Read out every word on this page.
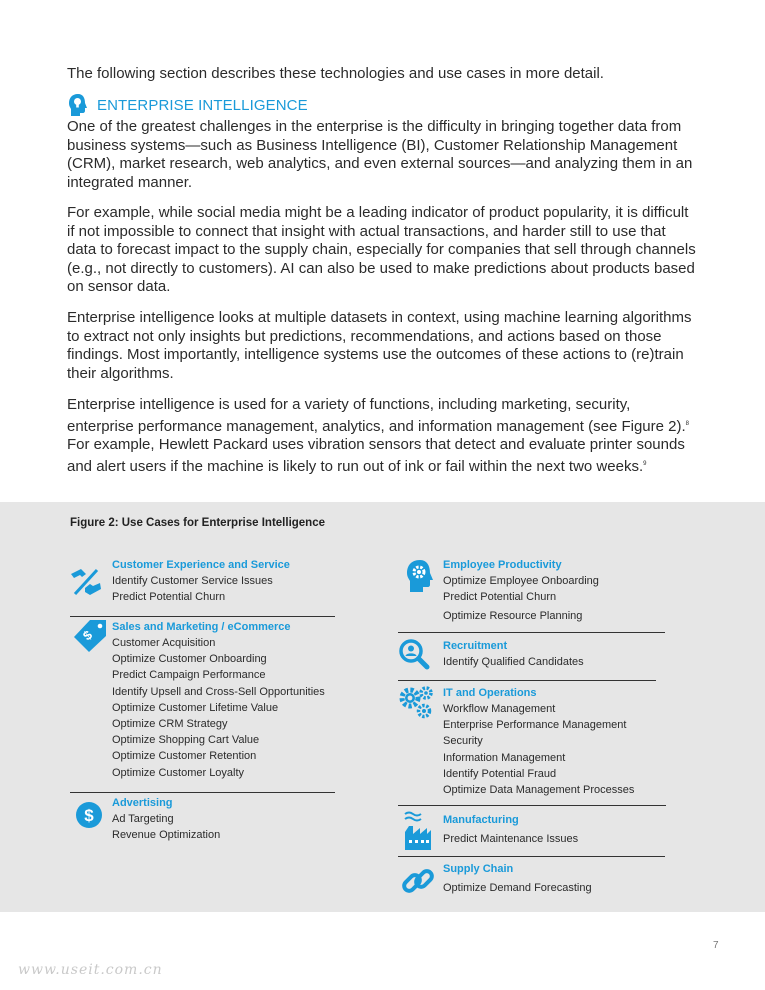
The following section describes these technologies and use cases in more detail.
ENTERPRISE INTELLIGENCE

One of the greatest challenges in the enterprise is the difficulty in bringing together data from business systems—such as Business Intelligence (BI), Customer Relationship Management (CRM), market research, web analytics, and even external sources—and analyzing them in an integrated manner.

For example, while social media might be a leading indicator of product popularity, it is difficult if not impossible to connect that insight with actual transactions, and harder still to use that data to forecast impact to the supply chain, especially for companies that sell through channels (e.g., not directly to customers). AI can also be used to make predictions about products based on sensor data.

Enterprise intelligence looks at multiple datasets in context, using machine learning algorithms to extract not only insights but predictions, recommendations, and actions based on those findings. Most importantly, intelligence systems use the outcomes of these actions to (re)train their algorithms.

Enterprise intelligence is used for a variety of functions, including marketing, security, enterprise performance management, analytics, and information management (see Figure 2).$^8$ For example, Hewlett Packard uses vibration sensors that detect and evaluate printer sounds and alert users if the machine is likely to run out of ink or fail within the next two weeks.$^9$

Figure 2: Use Cases for Enterprise Intelligence
Customer Experience and Service
Identify Customer Service Issues
Predict Potential Churn
$
Sales and Marketing / eCommerce
Customer Acquisition
Optimize Customer Onboarding
Predict Campaign Performance
Identify Upsell and Cross-Sell Opportunities
Optimize Customer Lifetime Value
Optimize CRM Strategy
Optimize Shopping Cart Value
Optimize Customer Retention
Optimize Customer Loyalty
$
Advertising
Ad Targeting
Revenue Optimization
Employee Productivity
Optimize Employee Onboarding
Predict Potential Churn
Optimize Resource Planning
Recruitment
Identify Qualified Candidates
IT and Operations
Workflow Management
Enterprise Performance Management
Security
Information Management
Identify Potential Fraud
Optimize Data Management Processes
Manufacturing
Predict Maintenance Issues
Supply Chain
Optimize Demand Forecasting
7
www.useit.com.cn
